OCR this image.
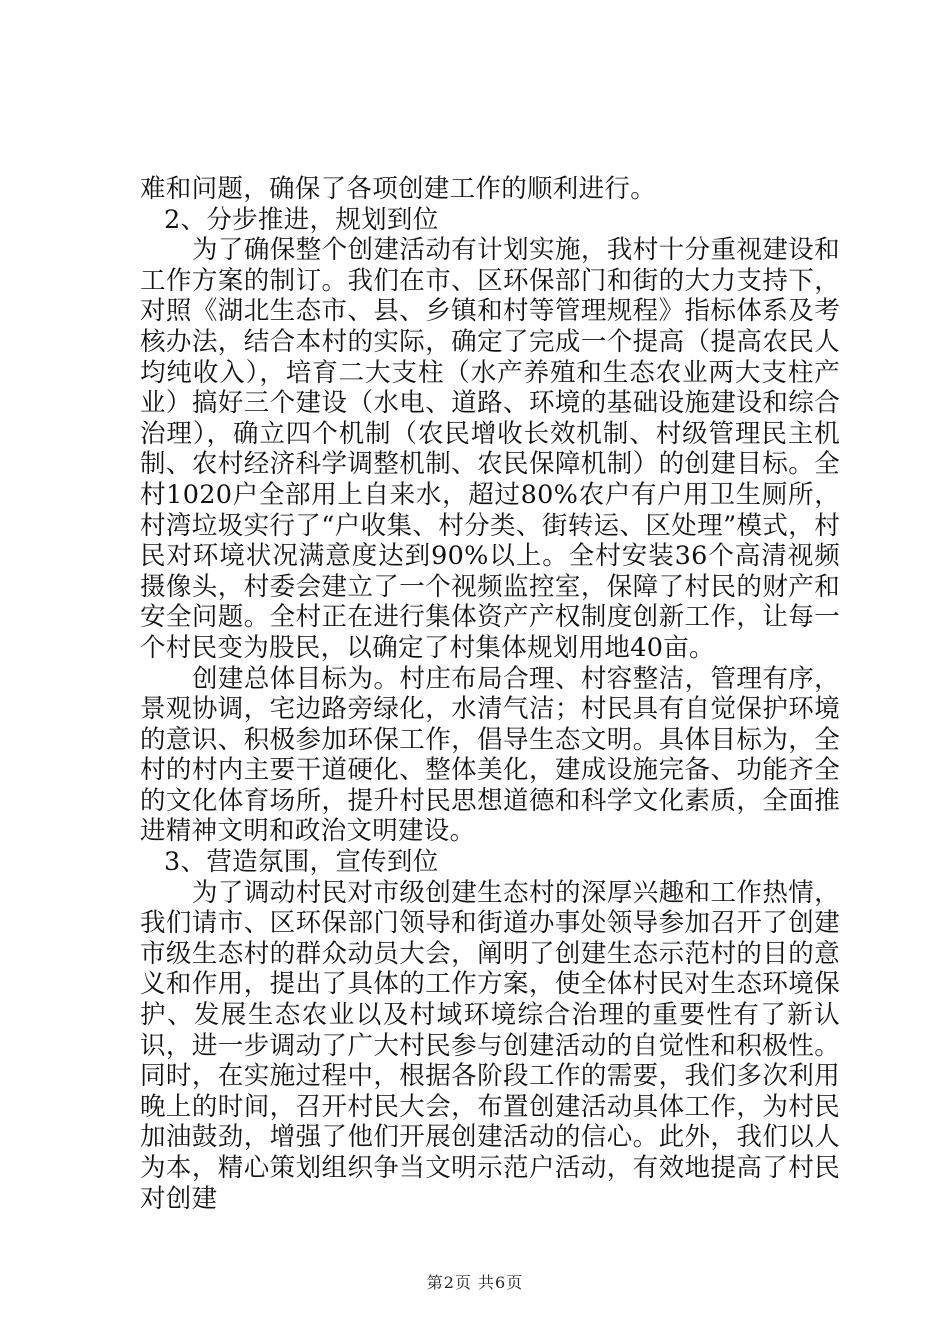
难和问题，确保了各项创建工作的顺利进行。

2、分步推进，规划到位

为了确保整个创建活动有计划实施，我村十分重视建设和工作方案的制订。我们在市、区环保部门和街的大力支持下，对照《湖北生态市、县、乡镇和村等管理规程》指标体系及考核办法，结合本村的实际，确定了完成一个提高（提高农民人均纯收入），培育二大支柱（水产养殖和生态农业两大支柱产业）搞好三个建设（水电、道路、环境的基础设施建设和综合治理），确立四个机制（农民增收长效机制、村级管理民主机制、农村经济科学调整机制、农民保障机制）的创建目标。全村1020户全部用上自来水，超过80%农户有户用卫生厕所，村湾垃圾实行了“户收集、村分类、街转运、区处理”模式，村民对环境状况满意度达到90%以上。全村安装36个高清视频摄像头，村委会建立了一个视频监控室，保障了村民的财产和安全问题。全村正在进行集体资产产权制度创新工作，让每一个村民变为股民，以确定了村集体规划用地40亩。

创建总体目标为。村庄布局合理、村容整洁，管理有序，景观协调，宅边路旁绿化，水清气洁；村民具有自觉保护环境的意识、积极参加环保工作，倡导生态文明。具体目标为，全村的村内主要干道硬化、整体美化，建成设施完备、功能齐全的文化体育场所，提升村民思想道德和科学文化素质，全面推进精神文明和政治文明建设。

3、营造氛围，宣传到位

为了调动村民对市级创建生态村的深厚兴趣和工作热情，我们请市、区环保部门领导和街道办事处领导参加召开了创建市级生态村的群众动员大会，阐明了创建生态示范村的目的意义和作用，提出了具体的工作方案，使全体村民对生态环境保护、发展生态农业以及村域环境综合治理的重要性有了新认识，进一步调动了广大村民参与创建活动的自觉性和积极性。同时，在实施过程中，根据各阶段工作的需要，我们多次利用晚上的时间，召开村民大会，布置创建活动具体工作，为村民加油鼓劲，增强了他们开展创建活动的信心。此外，我们以人为本，精心策划组织争当文明示范户活动，有效地提高了村民对创建

第2页 共6页
